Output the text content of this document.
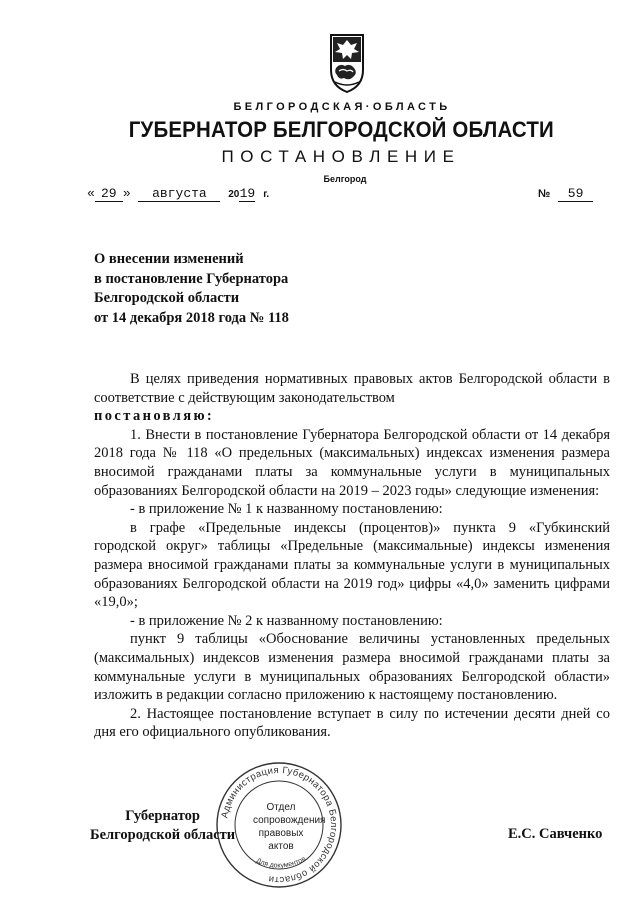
БЕЛГОРОДСКАЯ·ОБЛАСТЬ
ГУБЕРНАТОР БЕЛГОРОДСКОЙ ОБЛАСТИ
ПОСТАНОВЛЕНИЕ
Белгород
« 29 » августа 2019 г.	№ 59
О внесении изменений
в постановление Губернатора
Белгородской области
от 14 декабря 2018 года № 118

В целях приведения нормативных правовых актов Белгородской области в соответствие с действующим законодательством

постановляю:

1. Внести в постановление Губернатора Белгородской области от 14 декабря 2018 года № 118 «О предельных (максимальных) индексах изменения размера вносимой гражданами платы за коммунальные услуги в муниципальных образованиях Белгородской области на 2019 – 2023 годы» следующие изменения:

- в приложение № 1 к названному постановлению:

в графе «Предельные индексы (процентов)» пункта 9 «Губкинский городской округ» таблицы «Предельные (максимальные) индексы изменения размера вносимой гражданами платы за коммунальные услуги в муниципальных образованиях Белгородской области на 2019 год» цифры «4,0» заменить цифрами «19,0»;

- в приложение № 2 к названному постановлению:

пункт 9 таблицы «Обоснование величины установленных предельных (максимальных) индексов изменения размера вносимой гражданами платы за коммунальные услуги в муниципальных образованиях Белгородской области» изложить в редакции согласно приложению к настоящему постановлению.

2. Настоящее постановление вступает в силу по истечении десяти дней со дня его официального опубликования.

Губернатор
Белгородской области	Е.С. Савченко
Администрация Губернатора Белгородской области
Для документов
Отдел
сопровождения
правовых
актов
